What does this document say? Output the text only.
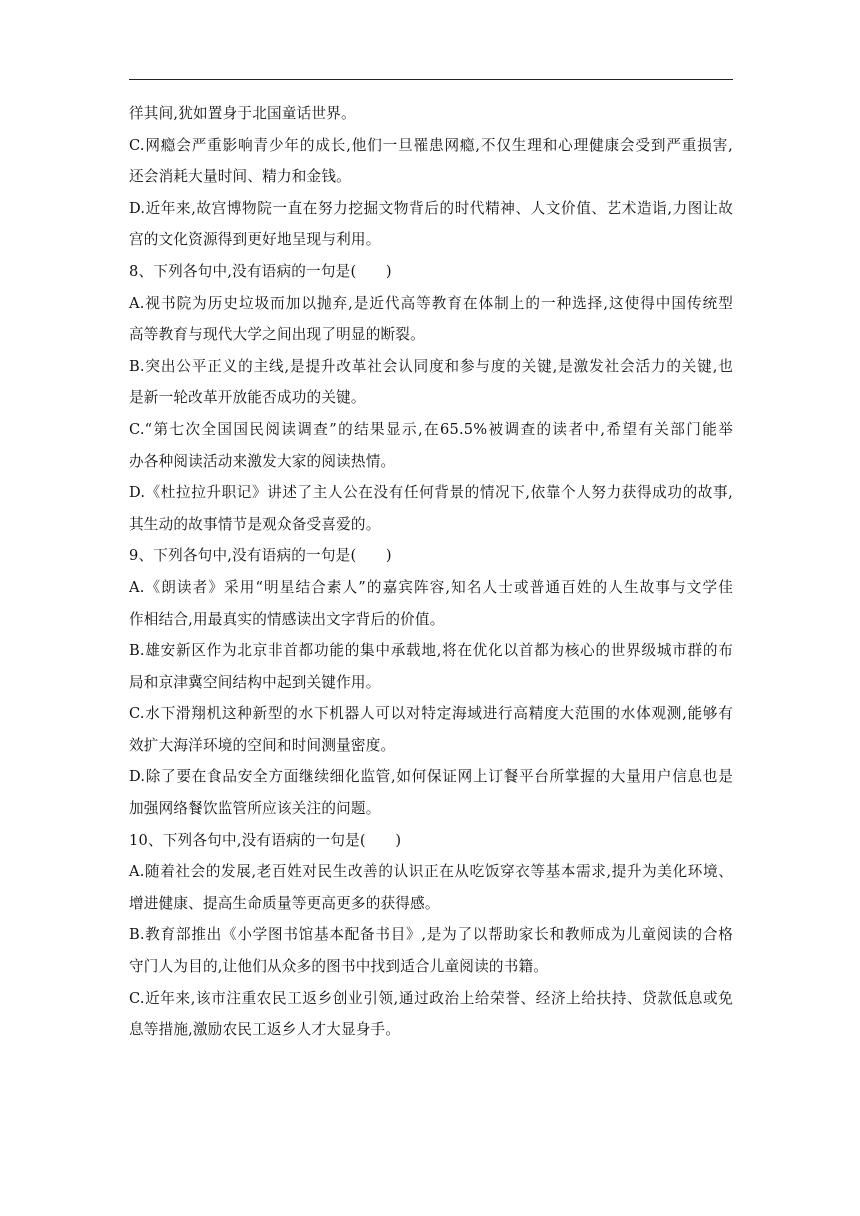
徉其间,犹如置身于北国童话世界。
C.网瘾会严重影响青少年的成长,他们一旦罹患网瘾,不仅生理和心理健康会受到严重损害,
还会消耗大量时间、精力和金钱。
D.近年来,故宫博物院一直在努力挖掘文物背后的时代精神、人文价值、艺术造诣,力图让故
宫的文化资源得到更好地呈现与利用。
8、下列各句中,没有语病的一句是(　　)
A.视书院为历史垃圾而加以抛弃,是近代高等教育在体制上的一种选择,这使得中国传统型
高等教育与现代大学之间出现了明显的断裂。
B.突出公平正义的主线,是提升改革社会认同度和参与度的关键,是激发社会活力的关键,也
是新一轮改革开放能否成功的关键。
C.“第七次全国国民阅读调查”的结果显示,在65.5%被调查的读者中,希望有关部门能举
办各种阅读活动来激发大家的阅读热情。
D.《杜拉拉升职记》讲述了主人公在没有任何背景的情况下,依靠个人努力获得成功的故事,
其生动的故事情节是观众备受喜爱的。
9、下列各句中,没有语病的一句是(　　)
A.《朗读者》采用“明星结合素人”的嘉宾阵容,知名人士或普通百姓的人生故事与文学佳
作相结合,用最真实的情感读出文字背后的价值。
B.雄安新区作为北京非首都功能的集中承载地,将在优化以首都为核心的世界级城市群的布
局和京津冀空间结构中起到关键作用。
C.水下滑翔机这种新型的水下机器人可以对特定海域进行高精度大范围的水体观测,能够有
效扩大海洋环境的空间和时间测量密度。
D.除了要在食品安全方面继续细化监管,如何保证网上订餐平台所掌握的大量用户信息也是
加强网络餐饮监管所应该关注的问题。
10、下列各句中,没有语病的一句是(　　)
A.随着社会的发展,老百姓对民生改善的认识正在从吃饭穿衣等基本需求,提升为美化环境、
增进健康、提高生命质量等更高更多的获得感。
B.教育部推出《小学图书馆基本配备书目》,是为了以帮助家长和教师成为儿童阅读的合格
守门人为目的,让他们从众多的图书中找到适合儿童阅读的书籍。
C.近年来,该市注重农民工返乡创业引领,通过政治上给荣誉、经济上给扶持、贷款低息或免
息等措施,激励农民工返乡人才大显身手。
